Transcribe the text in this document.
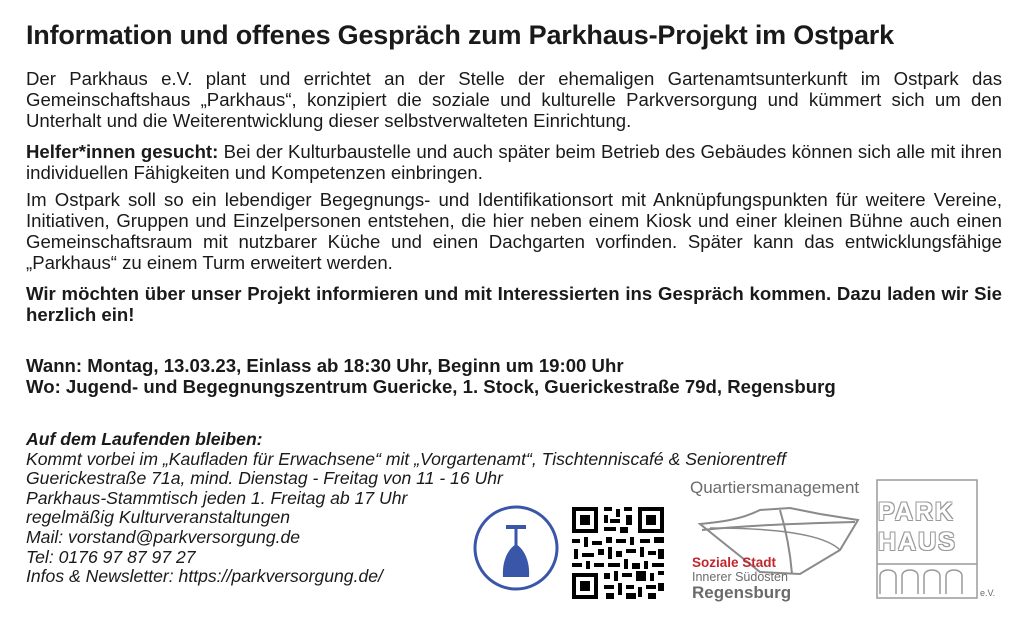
Information und offenes Gespräch zum Parkhaus-Projekt im Ostpark

Der Parkhaus e.V. plant und errichtet an der Stelle der ehemaligen Gartenamtsunterkunft im Ostpark das Gemeinschaftshaus „Parkhaus“, konzipiert die soziale und kulturelle Parkversorgung und kümmert sich um den Unterhalt und die Weiterentwicklung dieser selbstverwalteten Einrichtung.

Helfer*innen gesucht: Bei der Kulturbaustelle und auch später beim Betrieb des Gebäudes können sich alle mit ihren individuellen Fähigkeiten und Kompetenzen einbringen.

Im Ostpark soll so ein lebendiger Begegnungs- und Identifikationsort mit Anknüpfungspunkten für weitere Vereine, Initiativen, Gruppen und Einzelpersonen entstehen, die hier neben einem Kiosk und einer kleinen Bühne auch einen Gemeinschaftsraum mit nutzbarer Küche und einen Dachgarten vorfinden. Später kann das entwicklungsfähige „Parkhaus“ zu einem Turm erweitert werden.

Wir möchten über unser Projekt informieren und mit Interessierten ins Gespräch kommen. Dazu laden wir Sie herzlich ein!

Wann: Montag, 13.03.23, Einlass ab 18:30 Uhr, Beginn um 19:00 Uhr
Wo: Jugend- und Begegnungszentrum Guericke, 1. Stock, Guerickestraße 79d, Regensburg
Auf dem Laufenden bleiben:
Kommt vorbei im „Kaufladen für Erwachsene“ mit „Vorgartenamt“, Tischtenniscafé & Seniorentreff
Guerickestraße 71a, mind. Dienstag - Freitag von 11 - 16 Uhr
Parkhaus-Stammtisch jeden 1. Freitag ab 17 Uhr
regelmäßig Kulturveranstaltungen
Mail: vorstand@parkversorgung.de
Tel: 0176 97 87 97 27
Infos & Newsletter: https://parkversorgung.de/
Quartiersmanagement
Soziale Stadt
Innerer Südosten
Regensburg
PARK
HAUS
e.V.
